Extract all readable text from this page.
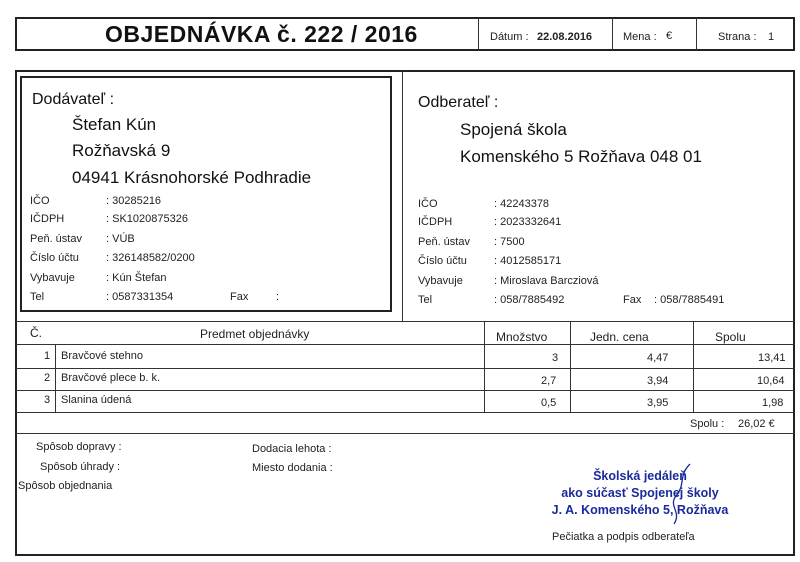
OBJEDNÁVKA č. 222 / 2016	Dátum : 22.08.2016	Mena : €	Strana : 1
Dodávateľ :
Štefan Kún
Rožňavská 9
04941 Krásnohorské Podhradie
IČO	: 30285216
IČDPH	: SK1020875326
Peň. ústav : VÚB
Číslo účtu : 326148582/0200
Vybavuje	: Kún Štefan
Tel	: 0587331354	Fax	:
Odberateľ :
Spojená škola
Komenského 5 Rožňava 048 01
IČO	: 42243378
IČDPH	: 2023332641
Peň. ústav : 7500
Číslo účtu : 4012585171
Vybavuje	: Miroslava Barcziová
Tel	: 058/7885492	Fax : 058/7885491
Č.	Predmet objednávky	Množstvo	Jedn. cena	Spolu
1 Bravčové stehno	3	4,47	13,41
2 Bravčové plece b. k.	2,7	3,94	10,64
3 Slanina údená	0,5	3,95	1,98
Spolu : 26,02 €
Spôsob dopravy :
Spôsob úhrady :
Spôsob objednania
Dodacia lehota :
Miesto dodania :
Školská jedáleň
ako súčasť Spojenej školy
J. A. Komenského 5, Rožňava
Pečiatka a podpis odberateľa
